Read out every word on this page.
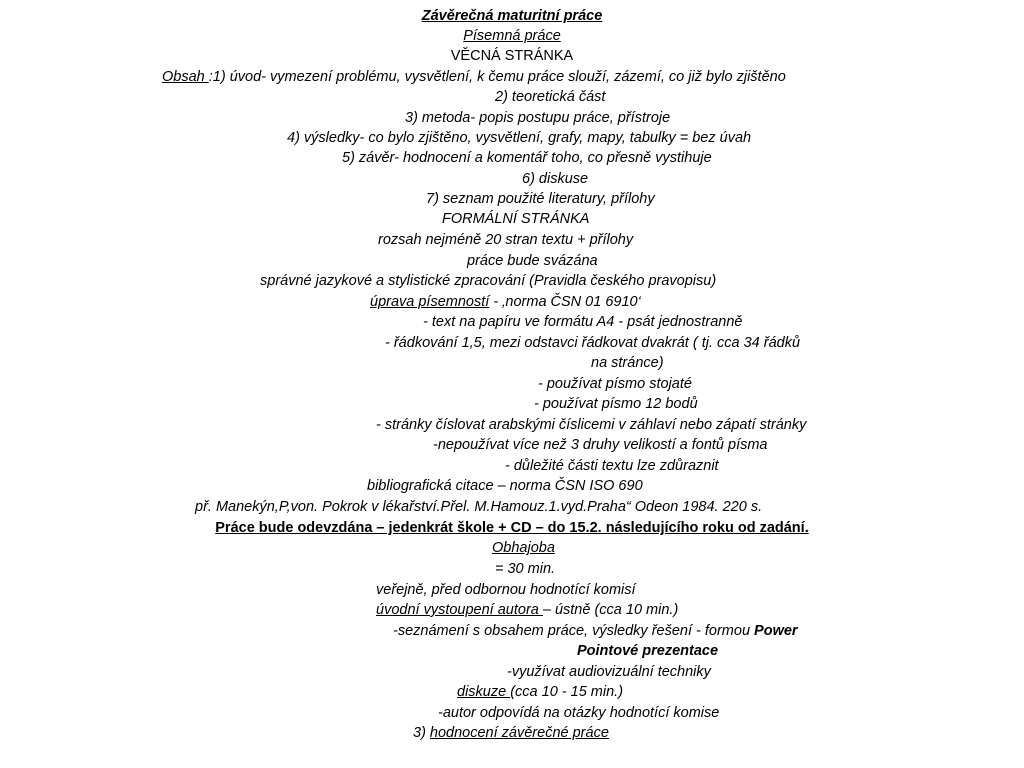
Závěrečná maturitní práce
Písemná práce
VĚCNÁ STRÁNKA
Obsah :1) úvod- vymezení problému, vysvětlení, k čemu práce slouží, zázemí, co již bylo zjištěno
2) teoretická část
3) metoda- popis postupu práce, přístroje
4) výsledky- co bylo zjištěno, vysvětlení, grafy, mapy, tabulky = bez úvah
5) závěr- hodnocení a komentář toho, co přesně vystihuje
6) diskuse
7) seznam použité literatury, přílohy
FORMÁLNÍ STRÁNKA
rozsah nejméně 20 stran textu + přílohy
práce bude svázána
správné jazykové a stylistické zpracování (Pravidla českého pravopisu)
úprava písemností - ‚norma ČSN 01 6910‘
- text na papíru ve formátu A4 - psát jednostranně
- řádkování 1,5, mezi odstavci řádkovat dvakrát ( tj. cca 34 řádků
na stránce)
- používat písmo stojaté
- používat písmo 12 bodů
- stránky číslovat arabskými číslicemi v záhlaví nebo zápatí stránky
-nepoužívat více než 3 druhy velikostí a fontů písma
- důležité části textu lze zdůraznit
bibliografická citace – norma ČSN ISO 690
př. Manekýn,P,von. Pokrok v lékařství.Přel. M.Hamouz.1.vyd.Praha“ Odeon 1984. 220 s.
Práce bude odevzdána – jedenkrát škole + CD – do 15.2. následujícího roku od zadání.
Obhajoba
= 30 min.
veřejně, před odbornou hodnotící komisí
úvodní vystoupení autora – ústně (cca 10 min.)
-seznámení s obsahem práce, výsledky řešení - formou Power
Pointové prezentace
-využívat audiovizuální techniky
diskuze (cca 10 - 15 min.)
-autor odpovídá na otázky hodnotící komise
3) hodnocení závěrečné práce
